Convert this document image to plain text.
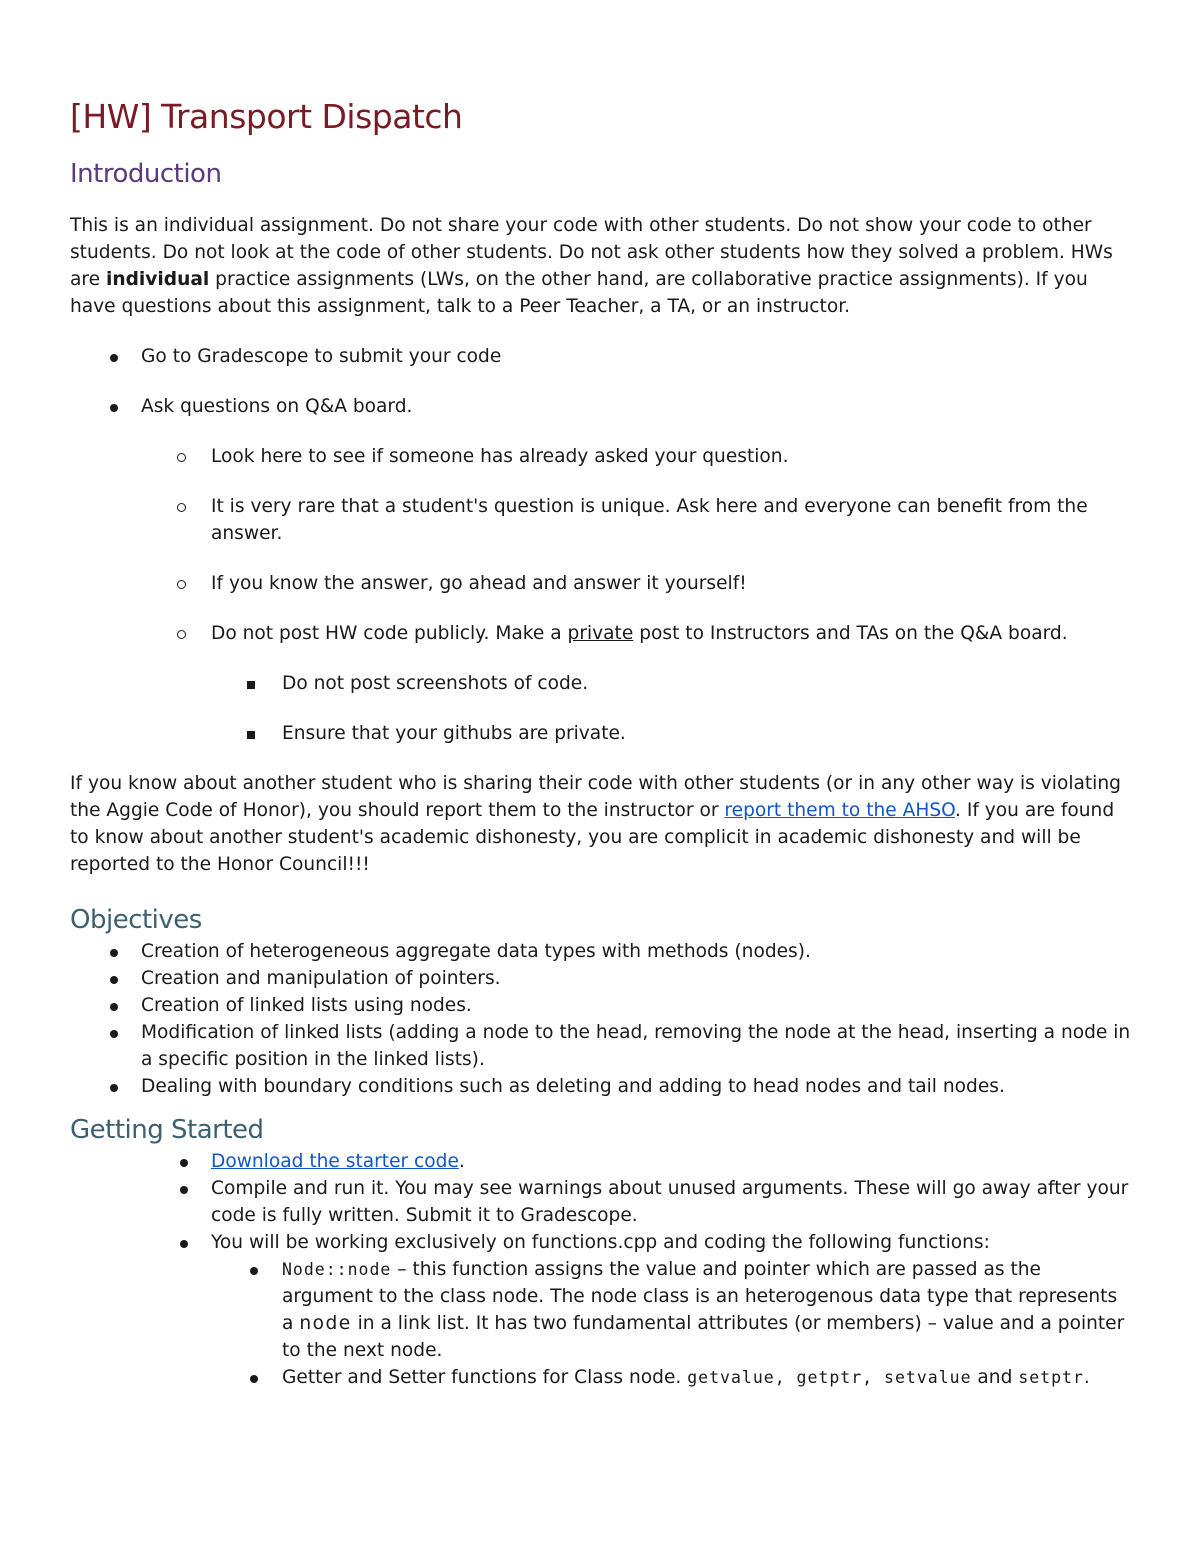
[HW] Transport Dispatch
Introduction

This is an individual assignment. Do not share your code with other students. Do not show your code to other students. Do not look at the code of other students. Do not ask other students how they solved a problem. HWs are individual practice assignments (LWs, on the other hand, are collaborative practice assignments). If you have questions about this assignment, talk to a Peer Teacher, a TA, or an instructor.

Go to Gradescope to submit your code
Ask questions on Q&A board.
Look here to see if someone has already asked your question.
It is very rare that a student's question is unique. Ask here and everyone can benefit from the answer.
If you know the answer, go ahead and answer it yourself!
Do not post HW code publicly. Make a private post to Instructors and TAs on the Q&A board.
Do not post screenshots of code.
Ensure that your githubs are private.

If you know about another student who is sharing their code with other students (or in any other way is violating the Aggie Code of Honor), you should report them to the instructor or report them to the AHSO. If you are found to know about another student's academic dishonesty, you are complicit in academic dishonesty and will be reported to the Honor Council!!!

Objectives
Creation of heterogeneous aggregate data types with methods (nodes).
Creation and manipulation of pointers.
Creation of linked lists using nodes.
Modification of linked lists (adding a node to the head, removing the node at the head, inserting a node in a specific position in the linked lists).
Dealing with boundary conditions such as deleting and adding to head nodes and tail nodes.
Getting Started
Download the starter code.
Compile and run it. You may see warnings about unused arguments. These will go away after your code is fully written. Submit it to Gradescope.
You will be working exclusively on functions.cpp and coding the following functions:
Node::node – this function assigns the value and pointer which are passed as the argument to the class node. The node class is an heterogenous data type that represents a node in a link list. It has two fundamental attributes (or members) – value and a pointer to the next node.
Getter and Setter functions for Class node. getvalue, getptr, setvalue and setptr.
